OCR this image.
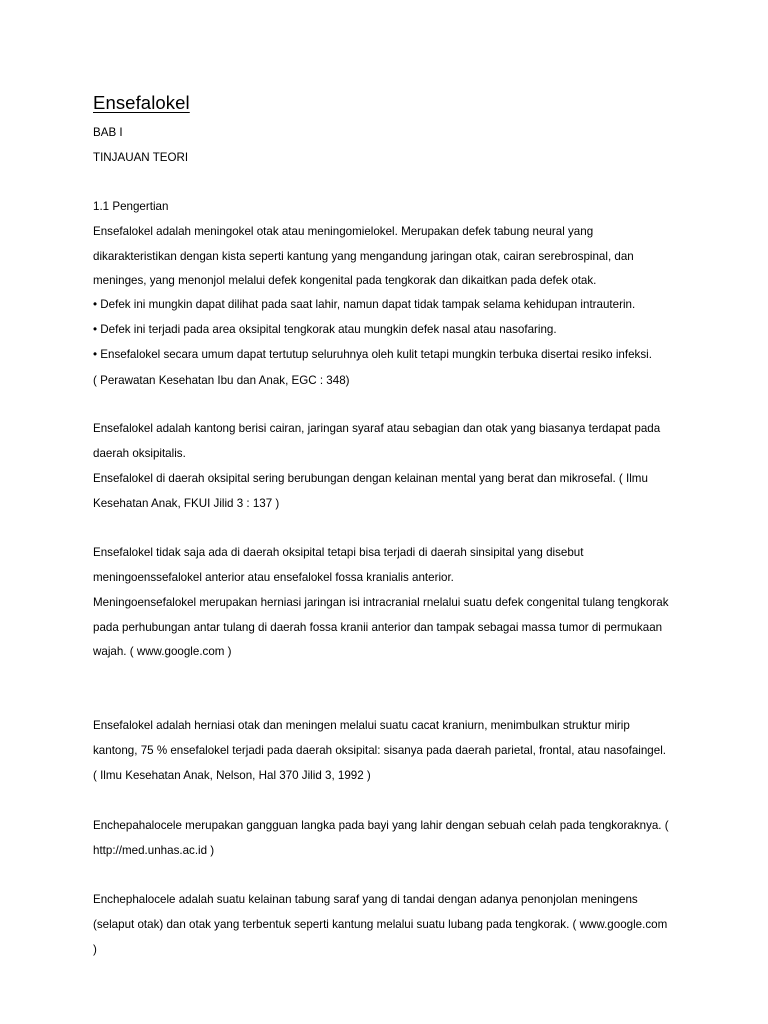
Ensefalokel
BAB I
TINJAUAN TEORI
1.1 Pengertian
Ensefalokel adalah meningokel otak atau meningomielokel. Merupakan defek tabung neural yang
dikarakteristikan dengan kista seperti kantung yang mengandung jaringan otak, cairan serebrospinal, dan
meninges, yang menonjol melalui defek kongenital pada tengkorak dan dikaitkan pada defek otak.
• Defek ini mungkin dapat dilihat pada saat lahir, namun dapat tidak tampak selama kehidupan intrauterin.
• Defek ini terjadi pada area oksipital tengkorak atau mungkin defek nasal atau nasofaring.
• Ensefalokel secara umum dapat tertutup seluruhnya oleh kulit tetapi mungkin terbuka disertai resiko infeksi.
( Perawatan Kesehatan Ibu dan Anak, EGC : 348)
Ensefalokel adalah kantong berisi cairan, jaringan syaraf atau sebagian dan otak yang biasanya terdapat pada
daerah oksipitalis.
Ensefalokel di daerah oksipital sering berubungan dengan kelainan mental yang berat dan mikrosefal. ( Ilmu
Kesehatan Anak, FKUI Jilid 3 : 137 )
Ensefalokel tidak saja ada di daerah oksipital tetapi bisa terjadi di daerah sinsipital yang disebut
meningoenssefalokel anterior atau ensefalokel fossa kranialis anterior.
Meningoensefalokel merupakan herniasi jaringan isi intracranial rnelalui suatu defek congenital tulang tengkorak
pada perhubungan antar tulang di daerah fossa kranii anterior dan tampak sebagai massa tumor di permukaan
wajah. ( www.google.com )
Ensefalokel adalah herniasi otak dan meningen melalui suatu cacat kraniurn, menimbulkan struktur mirip
kantong, 75 % ensefalokel terjadi pada daerah oksipital: sisanya pada daerah parietal, frontal, atau nasofaingel.
( Ilmu Kesehatan Anak, Nelson, Hal 370 Jilid 3, 1992 )
Enchepahalocele merupakan gangguan langka pada bayi yang lahir dengan sebuah celah pada tengkoraknya. (
http://med.unhas.ac.id )
Enchephalocele adalah suatu kelainan tabung saraf yang di tandai dengan adanya penonjolan meningens
(selaput otak) dan otak yang terbentuk seperti kantung melalui suatu lubang pada tengkorak. ( www.google.com
)
